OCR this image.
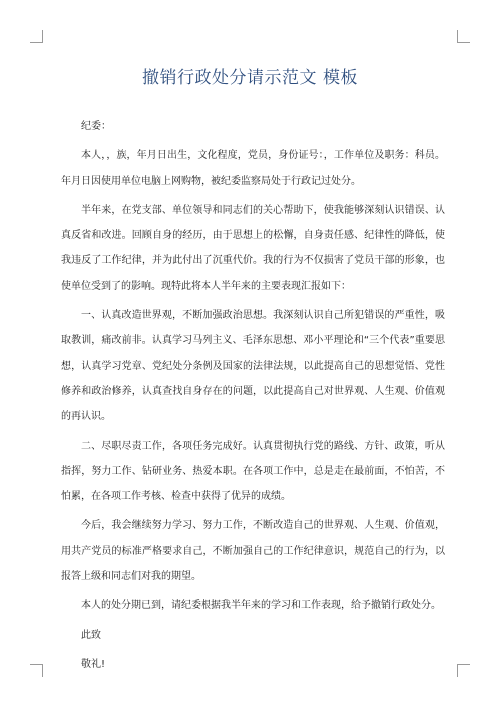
撤销行政处分请示范文 模板

纪委：

本人，，族，年月日出生，文化程度，党员，身份证号：，工作单位及职务：科员。年月日因使用单位电脑上网购物，被纪委监察局处于行政记过处分。

半年来，在党支部、单位领导和同志们的关心帮助下，使我能够深刻认识错误、认真反省和改进。回顾自身的经历，由于思想上的松懈，自身责任感、纪律性的降低，使我违反了工作纪律，并为此付出了沉重代价。我的行为不仅损害了党员干部的形象，也使单位受到了的影响。现特此将本人半年来的主要表现汇报如下：

一、认真改造世界观，不断加强政治思想。我深刻认识自己所犯错误的严重性，吸取教训，痛改前非。认真学习马列主义、毛泽东思想、邓小平理论和“三个代表”重要思想，认真学习党章、党纪处分条例及国家的法律法规，以此提高自己的思想觉悟、党性修养和政治修养，认真查找自身存在的问题，以此提高自己对世界观、人生观、价值观的再认识。

二、尽职尽责工作，各项任务完成好。认真贯彻执行党的路线、方针、政策，听从指挥，努力工作、钻研业务、热爱本职。在各项工作中，总是走在最前面，不怕苦，不怕累，在各项工作考核、检查中获得了优异的成绩。

今后，我会继续努力学习、努力工作，不断改造自己的世界观、人生观、价值观，用共产党员的标准严格要求自己，不断加强自己的工作纪律意识，规范自己的行为，以报答上级和同志们对我的期望。

本人的处分期已到，请纪委根据我半年来的学习和工作表现，给予撤销行政处分。

此致

敬礼!
